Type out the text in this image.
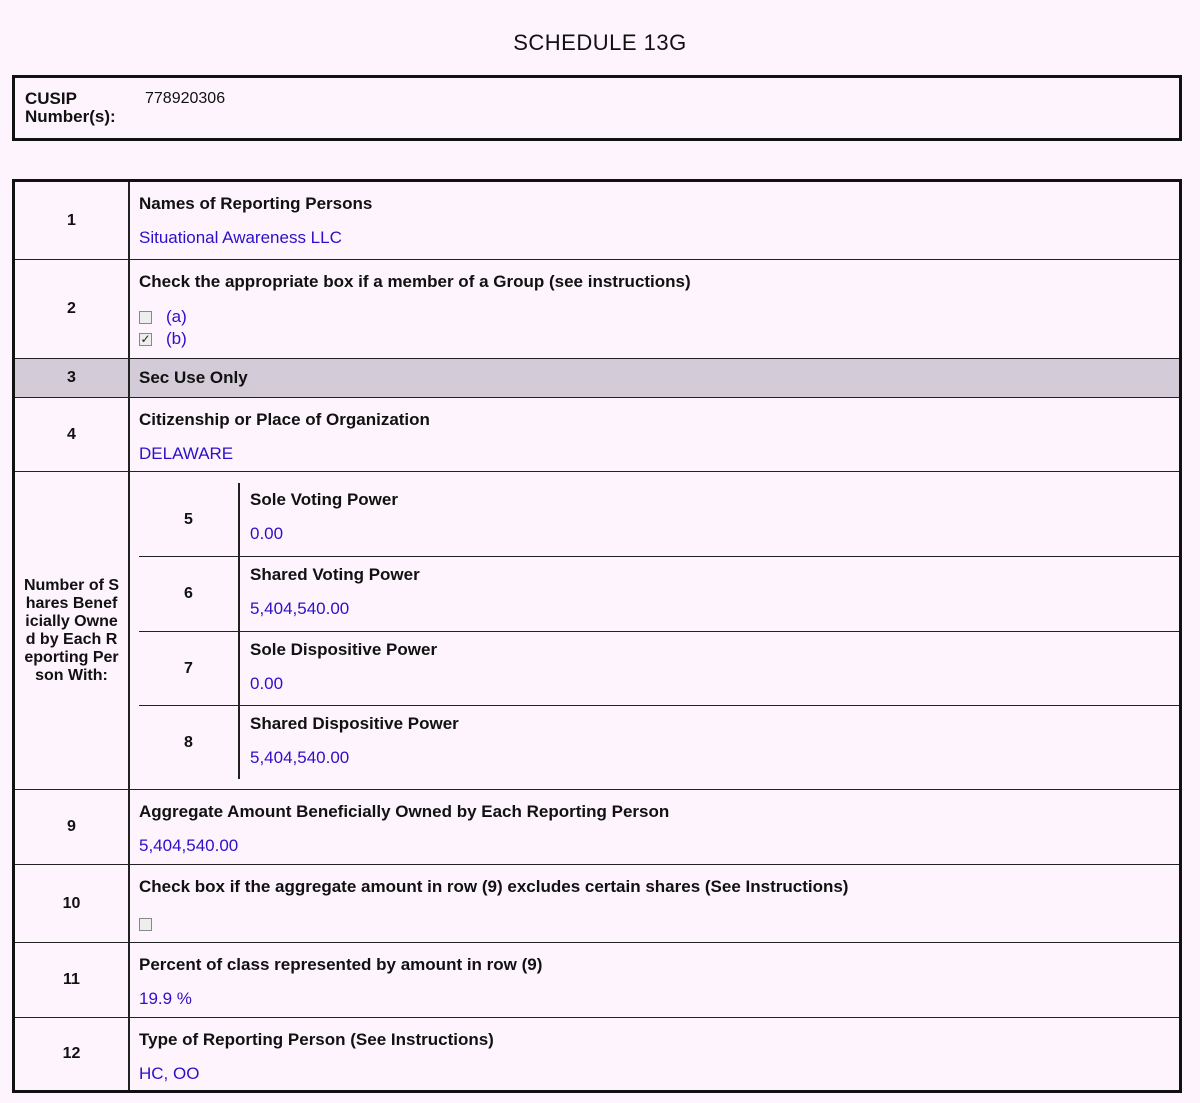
SCHEDULE 13G
CUSIP Number(s):
778920306
1
Names of Reporting Persons
Situational Awareness LLC
2
Check the appropriate box if a member of a Group (see instructions)
(a)
✓ (b)
3	Sec Use Only
4
Citizenship or Place of Organization
DELAWARE
Number of Shares Beneficially Owned by Each Reporting Person With:
5
Sole Voting Power
0.00
6
Shared Voting Power
5,404,540.00
7
Sole Dispositive Power
0.00
8
Shared Dispositive Power
5,404,540.00
9
Aggregate Amount Beneficially Owned by Each Reporting Person
5,404,540.00
10
Check box if the aggregate amount in row (9) excludes certain shares (See Instructions)
11
Percent of class represented by amount in row (9)
19.9 %
12
Type of Reporting Person (See Instructions)
HC, OO
